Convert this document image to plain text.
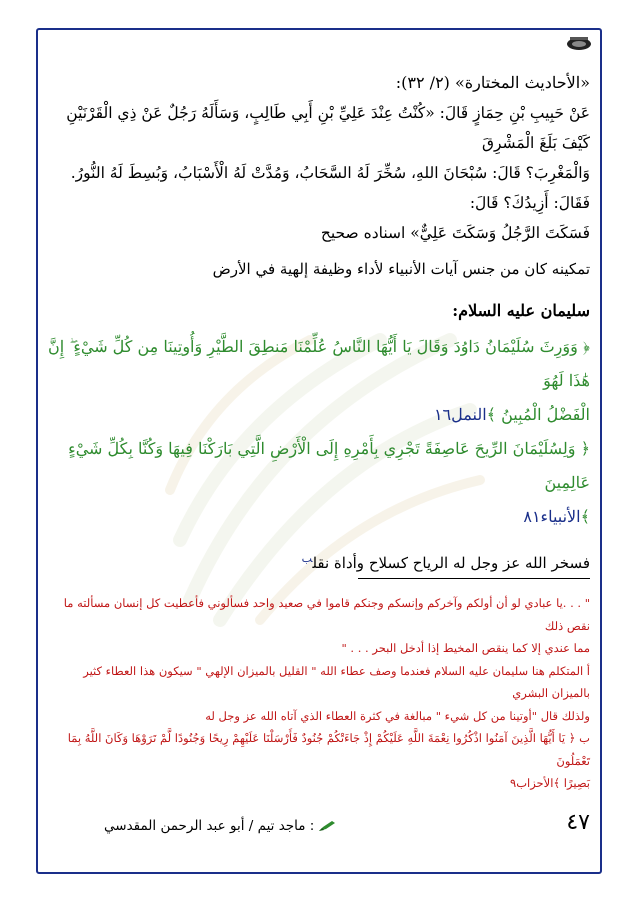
«الأحاديث المختارة» (٢/ ٣٢):

عَنْ حَبِيبِ بْنِ حِمَازٍ قَالَ: «كُنْتُ عِنْدَ عَلِيِّ بْنِ أَبِي طَالِبٍ، وَسَأَلَهُ رَجُلٌ عَنْ ذِي الْقَرْنَيْنِ كَيْفَ بَلَغَ الْمَشْرِقَ

وَالْمَغْرِبَ؟ قَالَ: سُبْحَانَ اللهِ، سُخِّرَ لَهُ السَّحَابُ، وَمُدَّتْ لَهُ الْأَسْبَابُ، وَبُسِطَ لَهُ النُّورُ. فَقَالَ: أَزِيدُكَ؟ قَالَ:

فَسَكَتَ الرَّجُلُ وَسَكَتَ عَلِيٌّ» اسناده صحيح

تمكينه كان من جنس آيات الأنبياء لأداء وظيفة إلهية في الأرض

سليمان عليه السلام:

﴿ وَوَرِثَ سُلَيْمَانُ دَاوُدَ وَقَالَ يَا أَيُّهَا النَّاسُ عُلِّمْنَا مَنطِقَ الطَّيْرِ وَأُوتِينَا مِن كُلِّ شَيْءٍ ۖ إِنَّ هَٰذَا لَهُوَ

الْفَضْلُ الْمُبِينُ ﴾النمل١٦

﴿ وَلِسُلَيْمَانَ الرِّيحَ عَاصِفَةً تَجْرِي بِأَمْرِهِ إِلَى الْأَرْضِ الَّتِي بَارَكْنَا فِيهَا وَكُنَّا بِكُلِّ شَيْءٍ عَالِمِينَ

﴾الأنبياء٨١

فسخر الله عز وجل له الرياح كسلاح وأداة نقل$^ب$

" . . .يا عبادي لو أن أولكم وآخركم وإنسكم وجنكم قاموا في صعيد واحد فسألوني فأعطيت كل إنسان مسألته ما نقص ذلك

مما عندي إلا كما ينقص المخيط إذا أدخل البحر . . . "

أ المتكلم هنا سليمان عليه السلام فعندما وصف عطاء الله " القليل بالميزان الإلهي " سيكون هذا العطاء كثير بالميزان البشري

ولذلك قال "أوتينا من كل شيء " مبالغة في كثرة العطاء الذي آتاه الله عز وجل له

ب ﴿ يَا أَيُّهَا الَّذِينَ آمَنُوا اذْكُرُوا نِعْمَةَ اللَّهِ عَلَيْكُمْ إِذْ جَاءَتْكُمْ جُنُودٌ فَأَرْسَلْنَا عَلَيْهِمْ رِيحًا وَجُنُودًا لَّمْ تَرَوْهَا وَكَانَ اللَّهُ بِمَا تَعْمَلُونَ

بَصِيرًا ﴾الأحزاب٩

٤٧
: ماجد تيم / أبو عبد الرحمن المقدسي
